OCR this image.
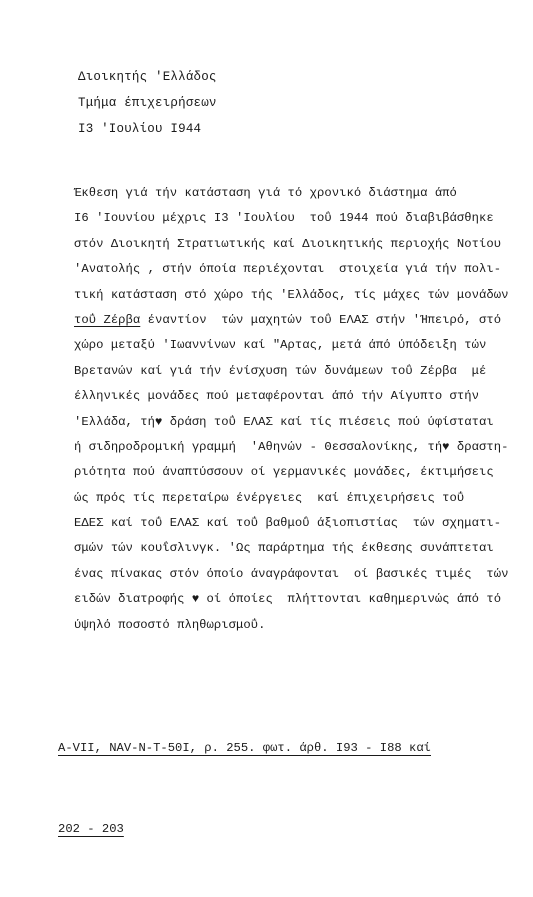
Διοικητής 'Ελλάδος
Τμήμα έπιχειρήσεων
I3 'Ιουλίου I944
Έκθεση γιά τήν κατάσταση γιά τό χρονικό διάστημα άπό
I6 'Ιουνίου μέχρις I3 'Ιουλίου  τοΰ 1944 πού διαβιβάσθηκε
στόν Διοικητή Στρατιωτικής καί Διοικητικής περιοχής Νοτίου
'Ανατολής , στήν όποία περιέχονται  στοιχεία γιά τήν πολι-
τική κατάσταση στό χώρο τής 'Ελλάδος, τίς μάχες τών μονάδων
τοΰ Ζέρβα έναντίον  τών μαχητών τοΰ ΕΛΑΣ στήν 'Ήπειρό, στό
χώρο μεταξύ 'Ιωαννίνων καί "Αρτας, μετά άπό ύπόδειξη τών
Βρετανών καί γιά τήν ένίσχυση τών δυνάμεων τοΰ Ζέρβα  μέ
έλληνικές μονάδες πού μεταφέρονται άπό τήν Αίγυπτο στήν
'Ελλάδα, τή♥ δράση τοΰ ΕΛΑΣ καί τίς πιέσεις πού ύφίσταται
ή σιδηροδρομική γραμμή  'Αθηνών - Θεσσαλονίκης, τή♥ δραστη-
ριότητα πού άναπτύσσουν οί γερμανικές μονάδες, έκτιμήσεις
ώς πρός τίς περεταίρω ένέργειες  καί έπιχειρήσεις τοΰ
ΕΔΕΣ καί τοΰ ΕΛΑΣ καί τοΰ βαθμοΰ άξιοπιστίας  τών σχηματι-
σμών τών κουΐσλινγκ. 'Ως παράρτημα τής έκθεσης συνάπτεται
ένας πίνακας στόν όποίο άναγράφονται  οί βασικές τιμές  τών
ειδών διατροφής ♥ οί όποίες  πλήττονται καθημερινώς άπό τό
ύψηλό ποσοστό πληθωρισμοΰ.

A-VII, NAV-N-T-50I, ρ. 255. φωτ. άρθ. I93 - I88 καί

202 - 203
